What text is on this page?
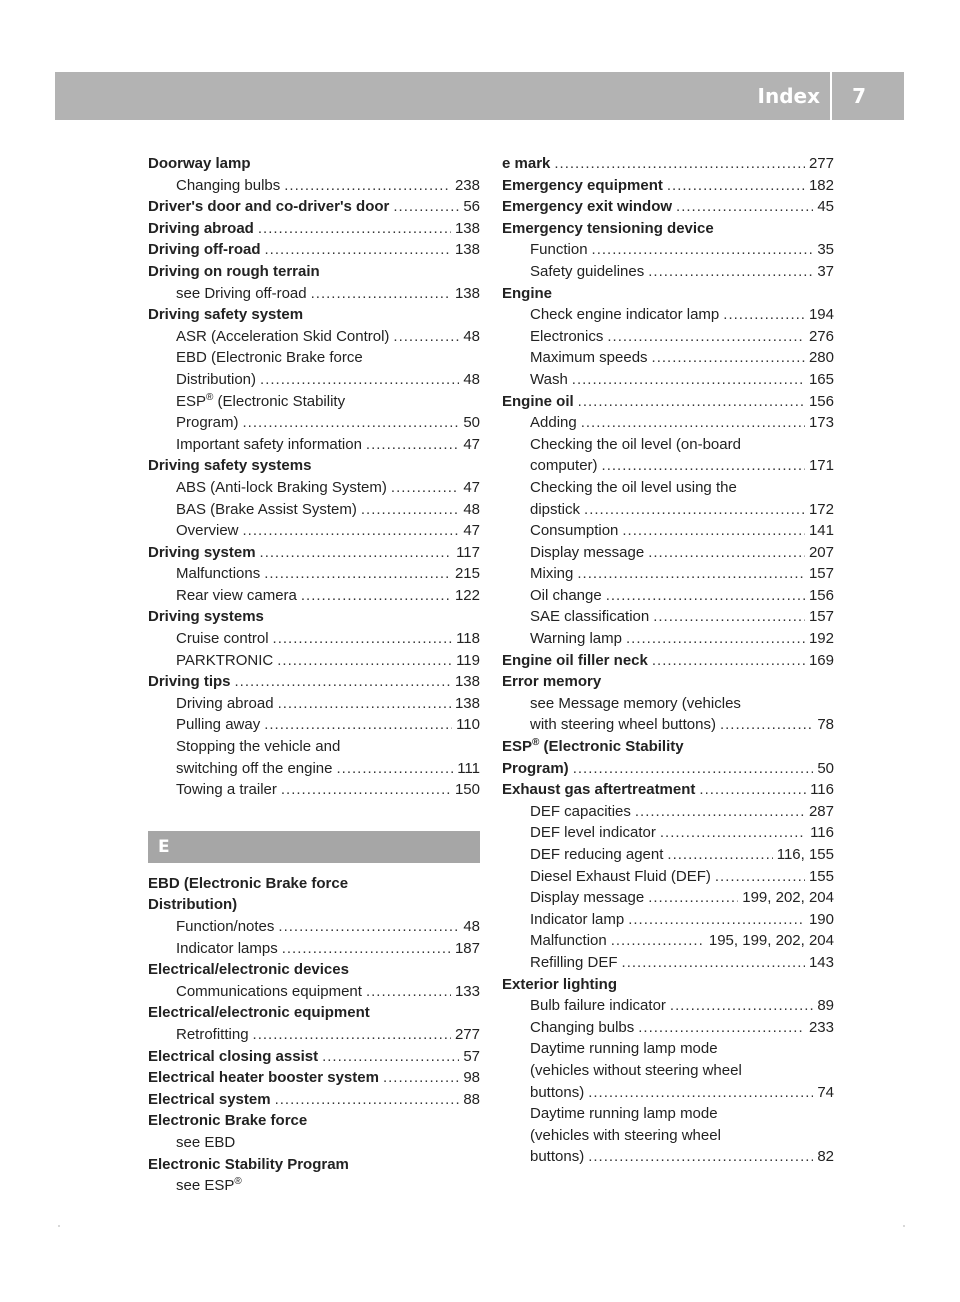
Index 7
Doorway lamp
Changing bulbs .....	238
Driver's door and co-driver's door .....	56
Driving abroad .....	138
Driving off-road .....	138
Driving on rough terrain
see Driving off-road .....	138
Driving safety system
ASR (Acceleration Skid Control) .....	48
EBD (Electronic Brake force
Distribution) .....	48
ESP® (Electronic Stability
Program) .....	50
Important safety information .....	47
Driving safety systems
ABS (Anti-lock Braking System) .....	47
BAS (Brake Assist System) .....	48
Overview .....	47
Driving system .....	117
Malfunctions .....	215
Rear view camera .....	122
Driving systems
Cruise control .....	118
PARKTRONIC .....	119
Driving tips .....	138
Driving abroad .....	138
Pulling away .....	110
Stopping the vehicle and
switching off the engine .....	111
Towing a trailer .....	150
E
EBD (Electronic Brake force
Distribution)
Function/notes .....	48
Indicator lamps .....	187
Electrical/electronic devices
Communications equipment .....	133
Electrical/electronic equipment
Retrofitting .....	277
Electrical closing assist .....	57
Electrical heater booster system .....	98
Electrical system .....	88
Electronic Brake force
see EBD
Electronic Stability Program
see ESP®
e mark .....	277
Emergency equipment .....	182
Emergency exit window .....	45
Emergency tensioning device
Function .....	35
Safety guidelines .....	37
Engine
Check engine indicator lamp .....	194
Electronics .....	276
Maximum speeds .....	280
Wash .....	165
Engine oil .....	156
Adding .....	173
Checking the oil level (on-board
computer) .....	171
Checking the oil level using the
dipstick .....	172
Consumption .....	141
Display message .....	207
Mixing .....	157
Oil change .....	156
SAE classification .....	157
Warning lamp .....	192
Engine oil filler neck .....	169
Error memory
see Message memory (vehicles
with steering wheel buttons) .....	78
ESP® (Electronic Stability
Program) .....	50
Exhaust gas aftertreatment .....	116
DEF capacities .....	287
DEF level indicator .....	116
DEF reducing agent .....	116, 155
Diesel Exhaust Fluid (DEF) .....	155
Display message .....	199, 202, 204
Indicator lamp .....	190
Malfunction .....	195, 199, 202, 204
Refilling DEF .....	143
Exterior lighting
Bulb failure indicator .....	89
Changing bulbs .....	233
Daytime running lamp mode
(vehicles without steering wheel
buttons) .....	74
Daytime running lamp mode
(vehicles with steering wheel
buttons) .....	82
